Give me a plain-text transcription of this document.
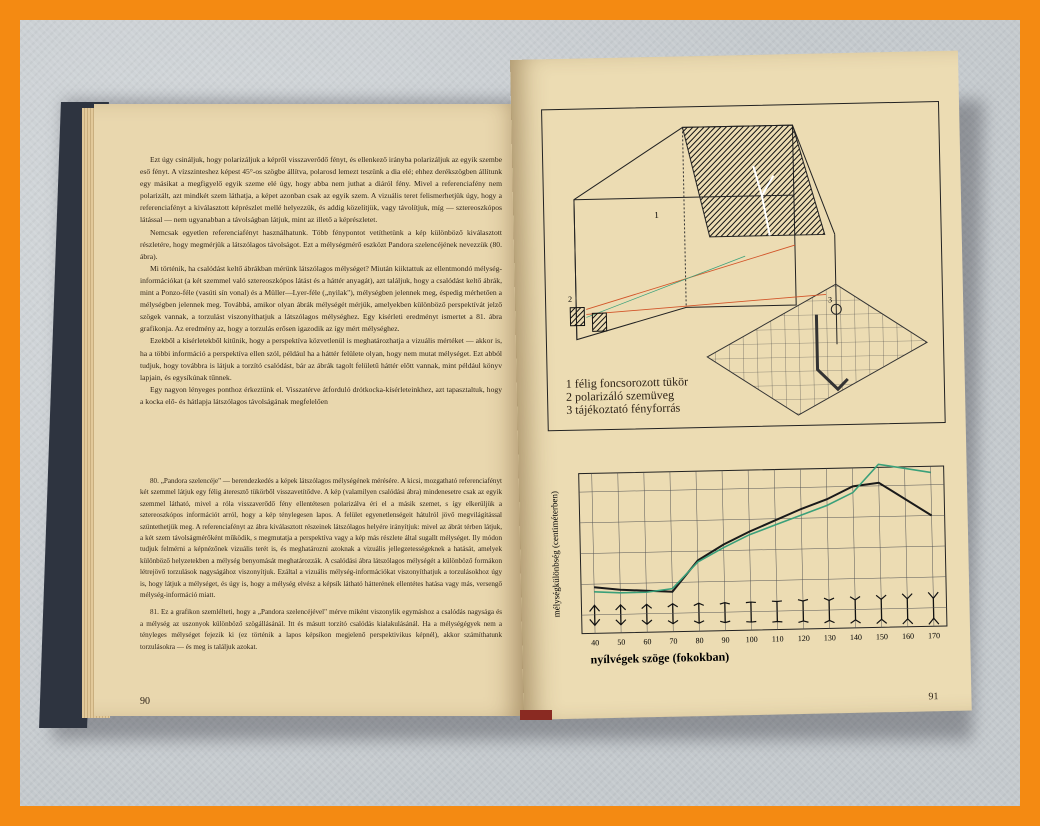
Ezt úgy csináljuk, hogy polarizáljuk a képről visszaverődő fényt, és ellenkező irányba polarizáljuk az egyik szembe eső fényt. A vízszinteshez képest 45°-os szögbe állítva, polarosd lemezt teszünk a dia elé; ehhez derékszögben állítunk egy másikat a megfigyelő egyik szeme elé úgy, hogy abba nem juthat a diáról fény. Mivel a referenciafény nem polarizált, azt mindkét szem láthatja, a képet azonban csak az egyik szem. A vizuális teret felismerhetjük úgy, hogy a referenciafényt a kiválasztott képrészlet mellé helyezzük, és addig közelítjük, vagy távolítjuk, míg — sztereoszkópos látással — nem ugyanabban a távolságban látjuk, mint az illető a képrészletet.

Nemcsak egyetlen referenciafényt használhatunk. Több fénypontot vetíthetünk a kép különböző kiválasztott részletére, hogy megmérjük a látszólagos távolságot. Ezt a mélységmérő eszközt Pandora szelencéjének nevezzük (80. ábra).

Mi történik, ha csalódást keltő ábrákban mérünk látszólagos mélységet? Miután kiiktattuk az ellentmondó mélység-információkat (a két szemmel való sztereoszkópos látást és a háttér anyagát), azt találjuk, hogy a csalódást keltő ábrák, mint a Ponzo-féle (vasúti sín vonal) és a Müller—Lyer-féle („nyilak"), mélységben jelennek meg, éspedig mérhetően a mélységben jelennek meg. Továbbá, amikor olyan ábrák mélységét mérjük, amelyekben különböző perspektívát jelző szögek vannak, a torzulást viszonyíthatjuk a látszólagos mélységhez. Egy kísérleti eredményt ismertet a 81. ábra grafikonja. Az eredmény az, hogy a torzulás erősen igazodik az így mért mélységhez.

Ezekből a kísérletekből kitűnik, hogy a perspektíva közvetlenül is meghatározhatja a vizuális mértéket — akkor is, ha a többi információ a perspektíva ellen szól, például ha a háttér felülete olyan, hogy nem mutat mélységet. Ezt abból tudjuk, hogy továbbra is látjuk a torzító csalódást, bár az ábrák tagolt felületű háttér előtt vannak, mint például könyv lapjain, és egysíkúnak tűnnek.

Egy nagyon lényeges ponthoz érkeztünk el. Visszatérve átforduló drótkocka-kísérleteinkhez, azt tapasztaltuk, hogy a kocka elő- és hátlapja látszólagos távolságának megfelelően

80. „Pandora szelencéje" — berendezkedés a képek látszólagos mélységének mérésére. A kicsi, mozgatható referenciafényt két szemmel látjuk egy félig áteresztő tükörből visszavetítődve. A kép (valamilyen csalódási ábra) mindenesetre csak az egyik szemmel látható, mivel a róla visszaverődő fény ellentétesen polarizálva éri el a másik szemet, s így elkerüljük a sztereoszkópos információt arról, hogy a kép ténylegesen lapos. A felület egyenetlenségeit hátulról jövő megvilágítással szüntethetjük meg. A referenciafényt az ábra kiválasztott részeinek látszólagos helyére irányítjuk: mivel az ábrát térben látjuk, a két szem távolságmérőként működik, s megmutatja a perspektíva vagy a kép más részlete által sugallt mélységet. Ily módon tudjuk felmérni a képnézőnek vizuális terét is, és meghatározni azoknak a vizuális jellegzetességeknek a hatását, amelyek különböző helyzetekben a mélység benyomását meghatározzák. A csalódási ábra látszólagos mélységét a különböző formákon létrejövő torzulások nagyságához viszonyítjuk. Ezáltal a vizuális mélység-információkat viszonyíthatjuk a torzulásokhoz úgy is, hogy látjuk a mélységet, és úgy is, hogy a mélység elvész a képsík látható hátterének ellentétes hatása vagy más, versengő mélység-információ miatt.

81. Ez a grafikon szemlélteti, hogy a „Pandora szelencéjével" mérve miként viszonylik egymáshoz a csalódás nagysága és a mélység az uszonyok különböző szögállásánál. Itt és másutt torzító csalódás kialakulásánál. Ha a mélységégyek nem a tényleges mélységet fejezik ki (ez történik a lapos képsíkon megjelenő perspektivikus képnél), akkor számíthatunk torzulásokra — és meg is találjuk azokat.

90
1
2	3
1 félig foncsorozott tükör
2 polarizáló szemüveg
3 tájékoztató fényforrás
40 50 60 70 80 90 100 110 120 130 140 150 160 170
mélységkülönbség (centiméterben)
nyílvégek szöge (fokokban)
91
